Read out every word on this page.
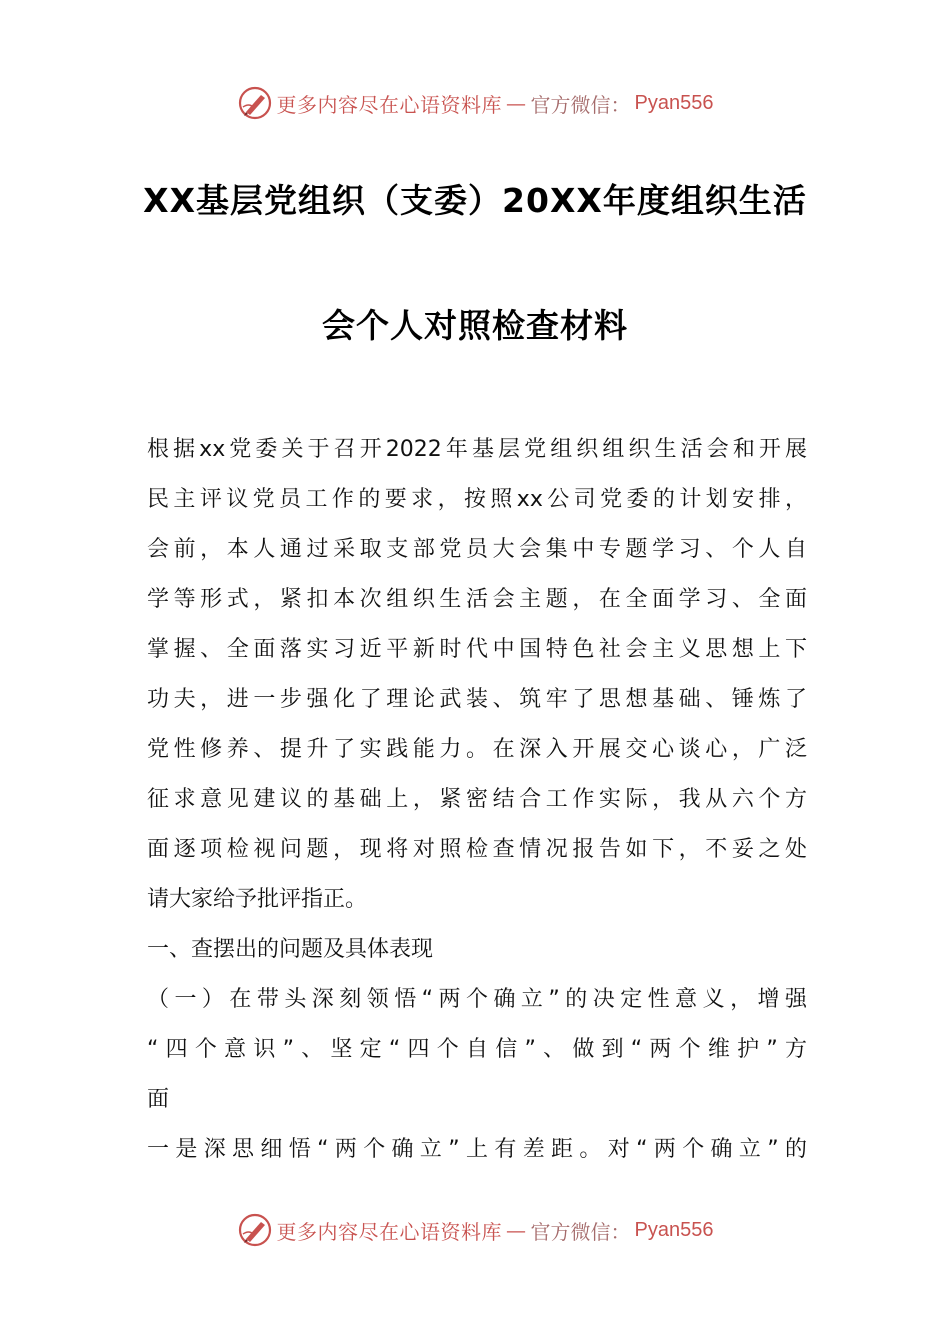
更多内容尽在心语资料库 — 官方微信： Pyan556
XX基层党组织（支委）20XX年度组织生活
会个人对照检查材料
根据xx党委关于召开2022年基层党组织组织生活会和开展
民主评议党员工作的要求，按照xx公司党委的计划安排，
会前，本人通过采取支部党员大会集中专题学习、个人自
学等形式，紧扣本次组织生活会主题，在全面学习、全面
掌握、全面落实习近平新时代中国特色社会主义思想上下
功夫，进一步强化了理论武装、筑牢了思想基础、锤炼了
党性修养、提升了实践能力。在深入开展交心谈心，广泛
征求意见建议的基础上，紧密结合工作实际，我从六个方
面逐项检视问题，现将对照检查情况报告如下，不妥之处
请大家给予批评指正。
一、查摆出的问题及具体表现
（一）在带头深刻领悟“两个确立”的决定性意义，增强
“四个意识”、坚定“四个自信”、做到“两个维护”方
面
一是深思细悟“两个确立”上有差距。对“两个确立”的
更多内容尽在心语资料库 — 官方微信： Pyan556
